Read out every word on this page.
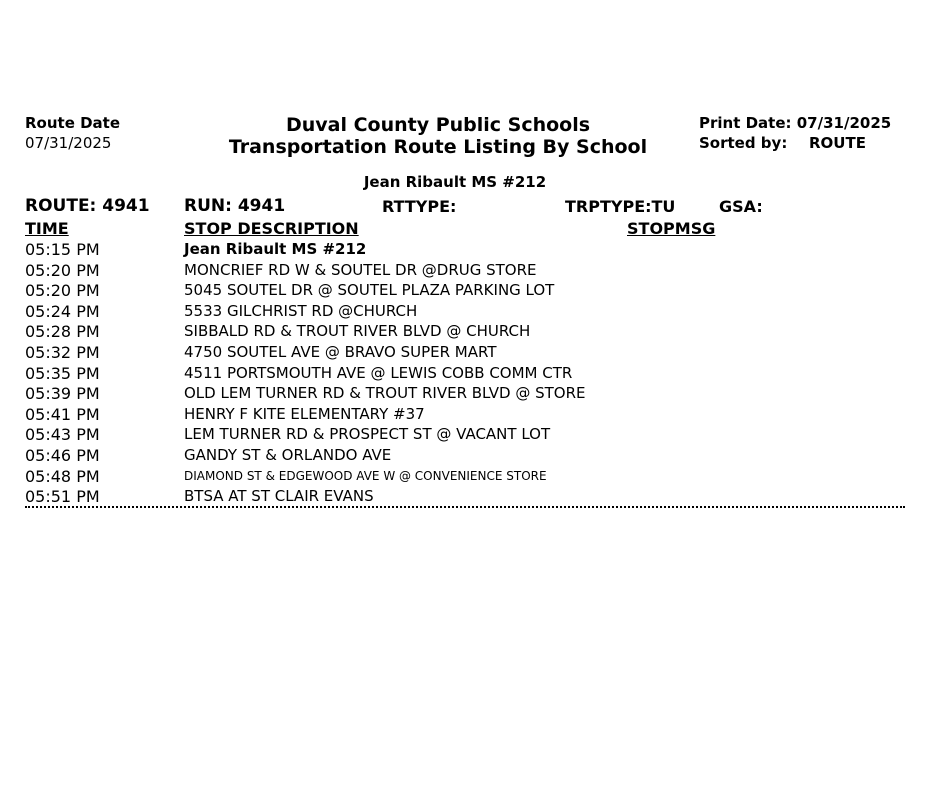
Route Date
07/31/2025
Duval County Public Schools
Transportation Route Listing By School
Print Date: 07/31/2025
Sorted by: ROUTE
Jean Ribault MS #212
ROUTE: 4941 RUN: 4941	RTTYPE:	TRPTYPE:TU	GSA:
TIME	STOP DESCRIPTION	STOPMSG
05:15 PM	Jean Ribault MS #212
05:20 PM	MONCRIEF RD W & SOUTEL DR @DRUG STORE
05:20 PM	5045 SOUTEL DR @ SOUTEL PLAZA PARKING LOT
05:24 PM	5533 GILCHRIST RD @CHURCH
05:28 PM	SIBBALD RD & TROUT RIVER BLVD @ CHURCH
05:32 PM	4750 SOUTEL AVE @ BRAVO SUPER MART
05:35 PM	4511 PORTSMOUTH AVE @ LEWIS COBB COMM CTR
05:39 PM	OLD LEM TURNER RD & TROUT RIVER BLVD @ STORE
05:41 PM	HENRY F KITE ELEMENTARY #37
05:43 PM	LEM TURNER RD & PROSPECT ST @ VACANT LOT
05:46 PM	GANDY ST & ORLANDO AVE
05:48 PM	DIAMOND ST & EDGEWOOD AVE W @ CONVENIENCE STORE
05:51 PM	BTSA AT ST CLAIR EVANS
